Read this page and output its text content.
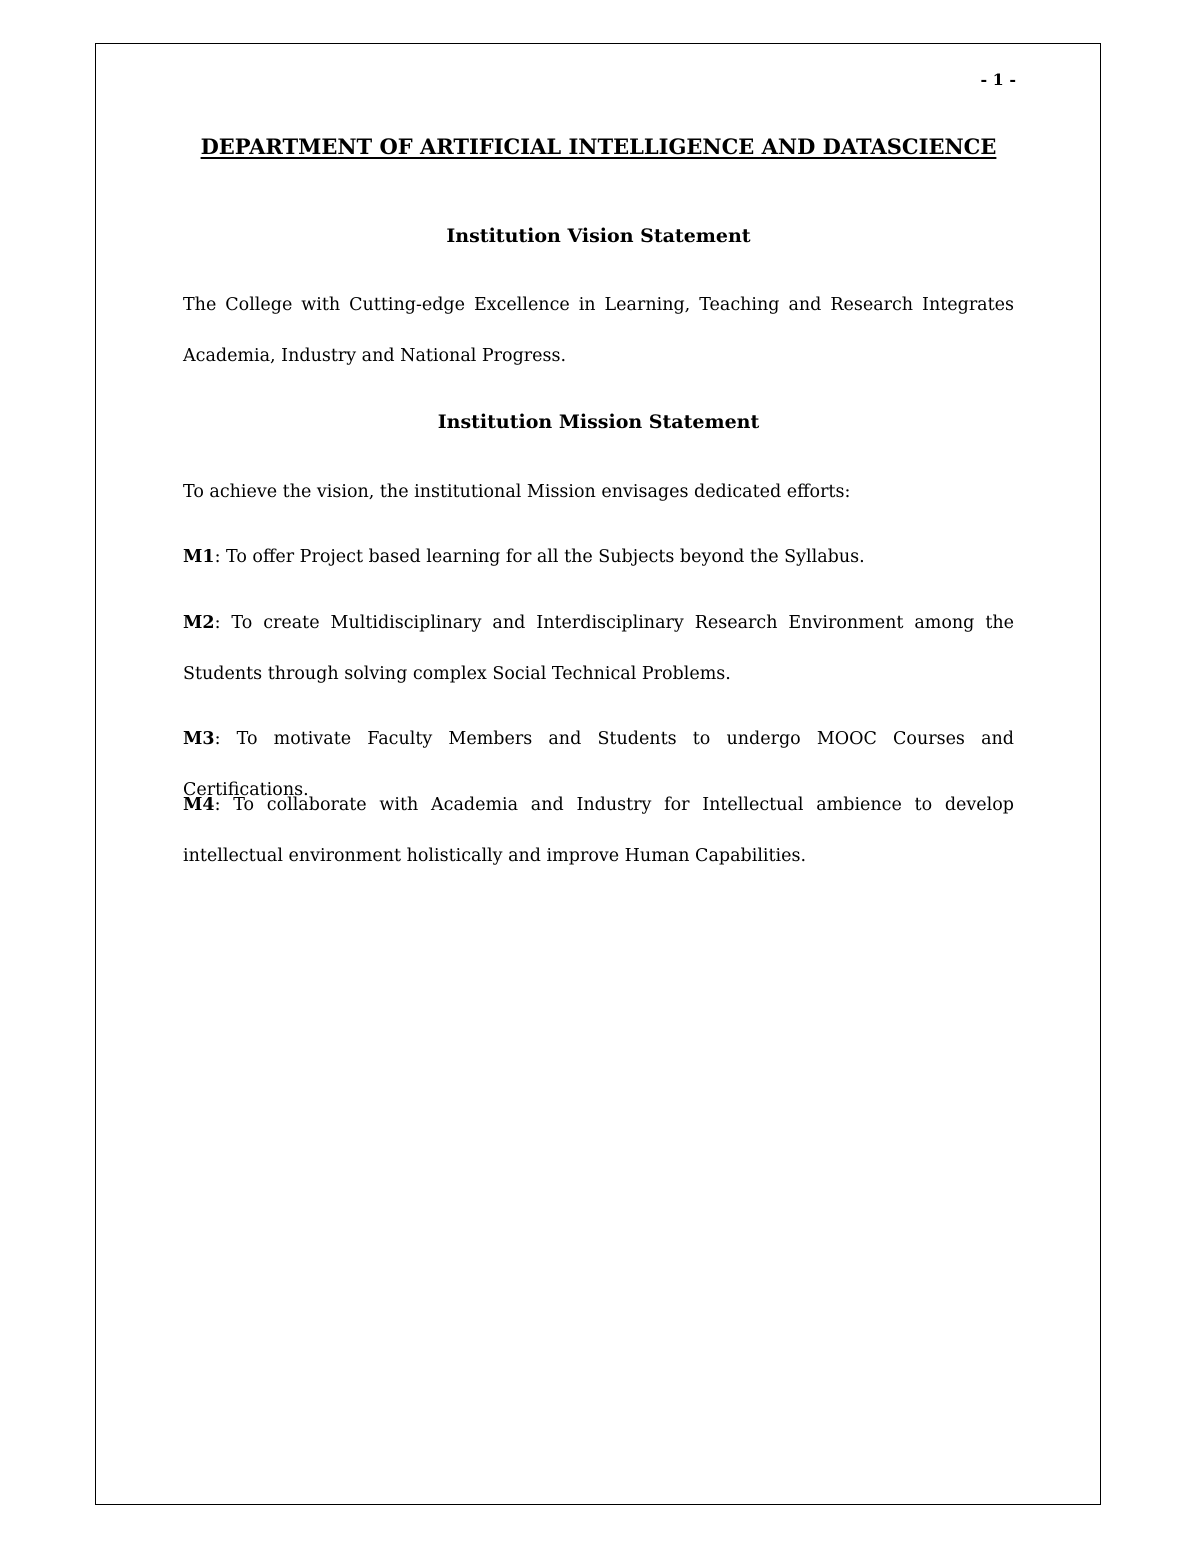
- 1 -
DEPARTMENT OF ARTIFICIAL INTELLIGENCE AND DATASCIENCE
Institution Vision Statement
The College with Cutting-edge Excellence in Learning, Teaching and Research Integrates Academia, Industry and National Progress.
Institution Mission Statement
To achieve the vision, the institutional Mission envisages dedicated efforts:
M1: To offer Project based learning for all the Subjects beyond the Syllabus.
M2: To create Multidisciplinary and Interdisciplinary Research Environment among the Students through solving complex Social Technical Problems.
M3: To motivate Faculty Members and Students to undergo MOOC Courses and Certifications.
M4: To collaborate with Academia and Industry for Intellectual ambience to develop intellectual environment holistically and improve Human Capabilities.
